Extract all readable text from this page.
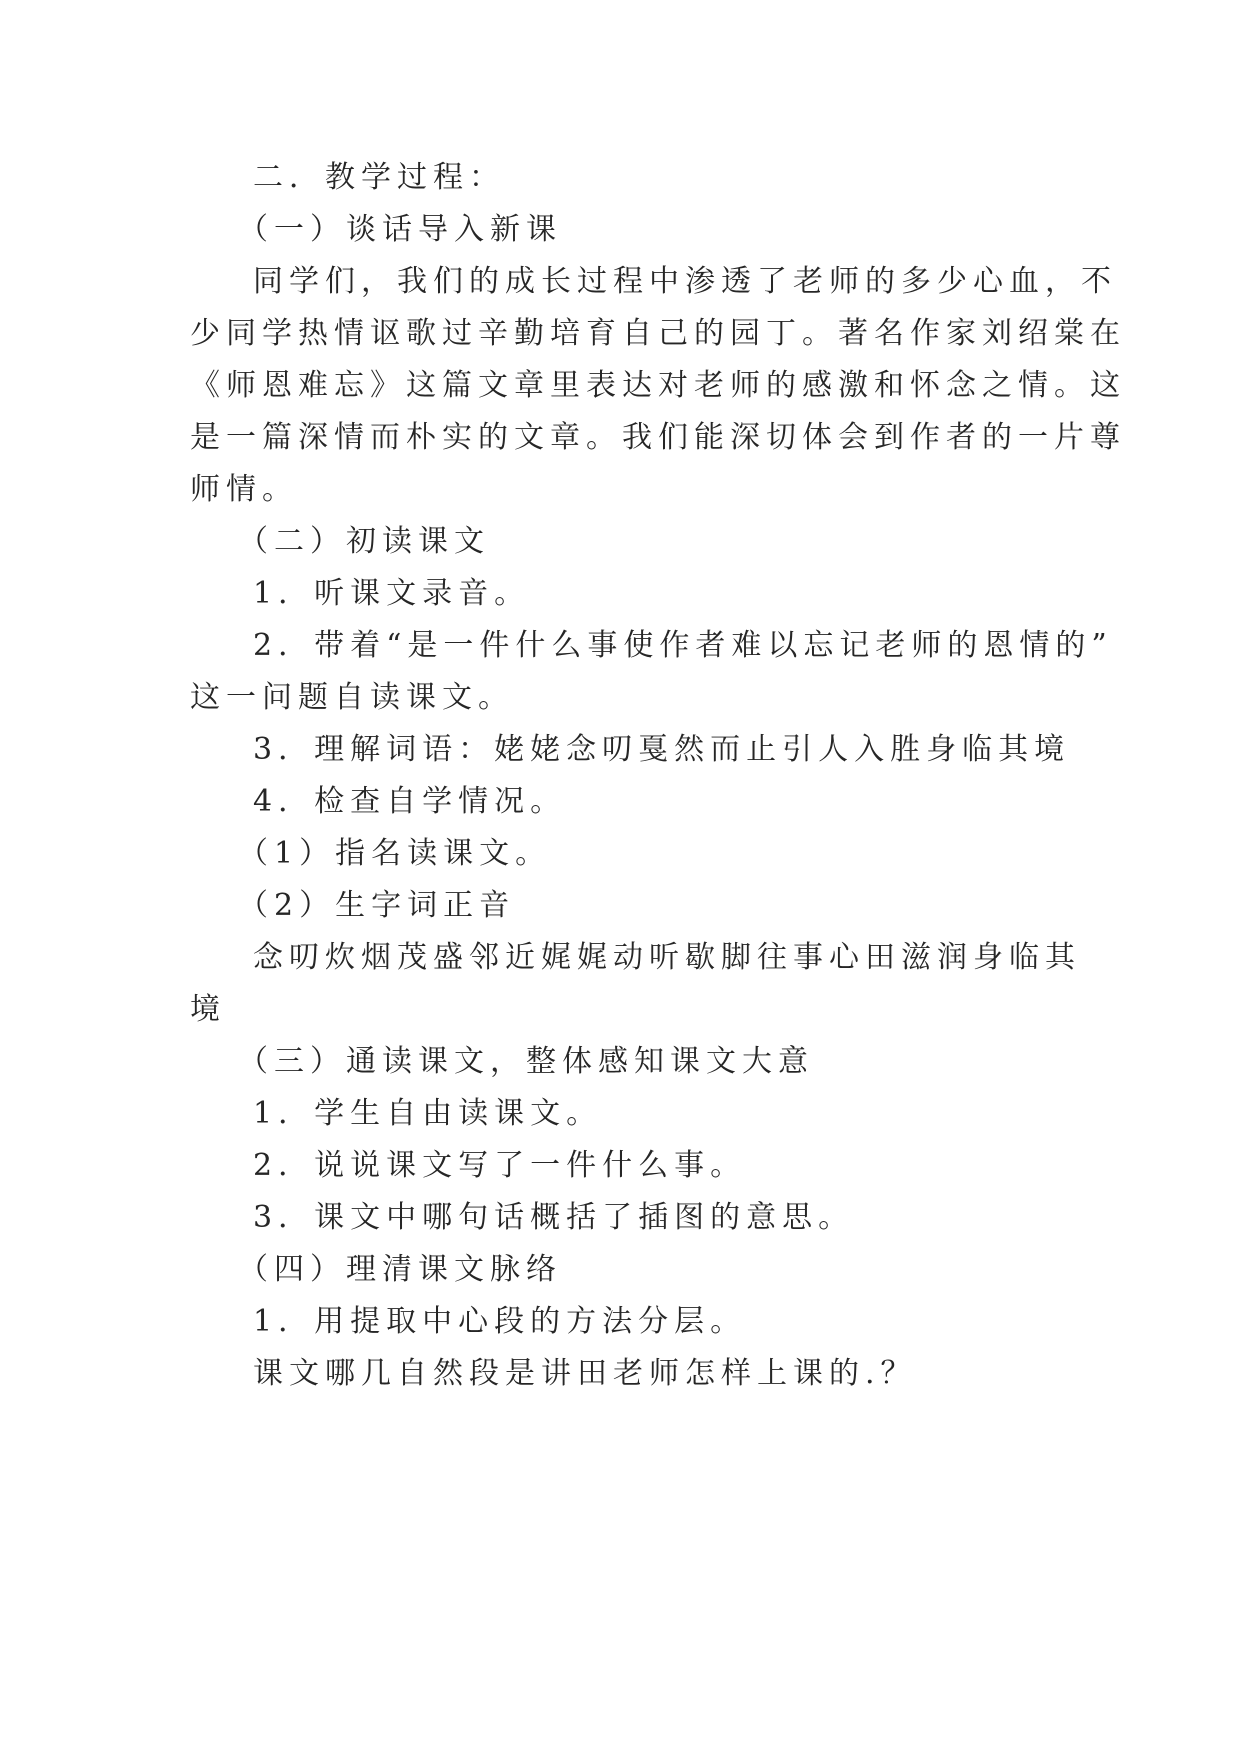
二．教学过程：
（一）谈话导入新课
同学们，我们的成长过程中渗透了老师的多少心血，不
少同学热情讴歌过辛勤培育自己的园丁。著名作家刘绍棠在
《师恩难忘》这篇文章里表达对老师的感激和怀念之情。这
是一篇深情而朴实的文章。我们能深切体会到作者的一片尊
师情。
（二）初读课文
1．听课文录音。
2．带着“是一件什么事使作者难以忘记老师的恩情的”
这一问题自读课文。
3．理解词语：姥姥念叨戛然而止引人入胜身临其境
4．检查自学情况。
（1）指名读课文。
（2）生字词正音
念叨炊烟茂盛邻近娓娓动听歇脚往事心田滋润身临其
境
（三）通读课文，整体感知课文大意
1．学生自由读课文。
2．说说课文写了一件什么事。
3．课文中哪句话概括了插图的意思。
（四）理清课文脉络
1．用提取中心段的方法分层。
课文哪几自然段是讲田老师怎样上课的.？
